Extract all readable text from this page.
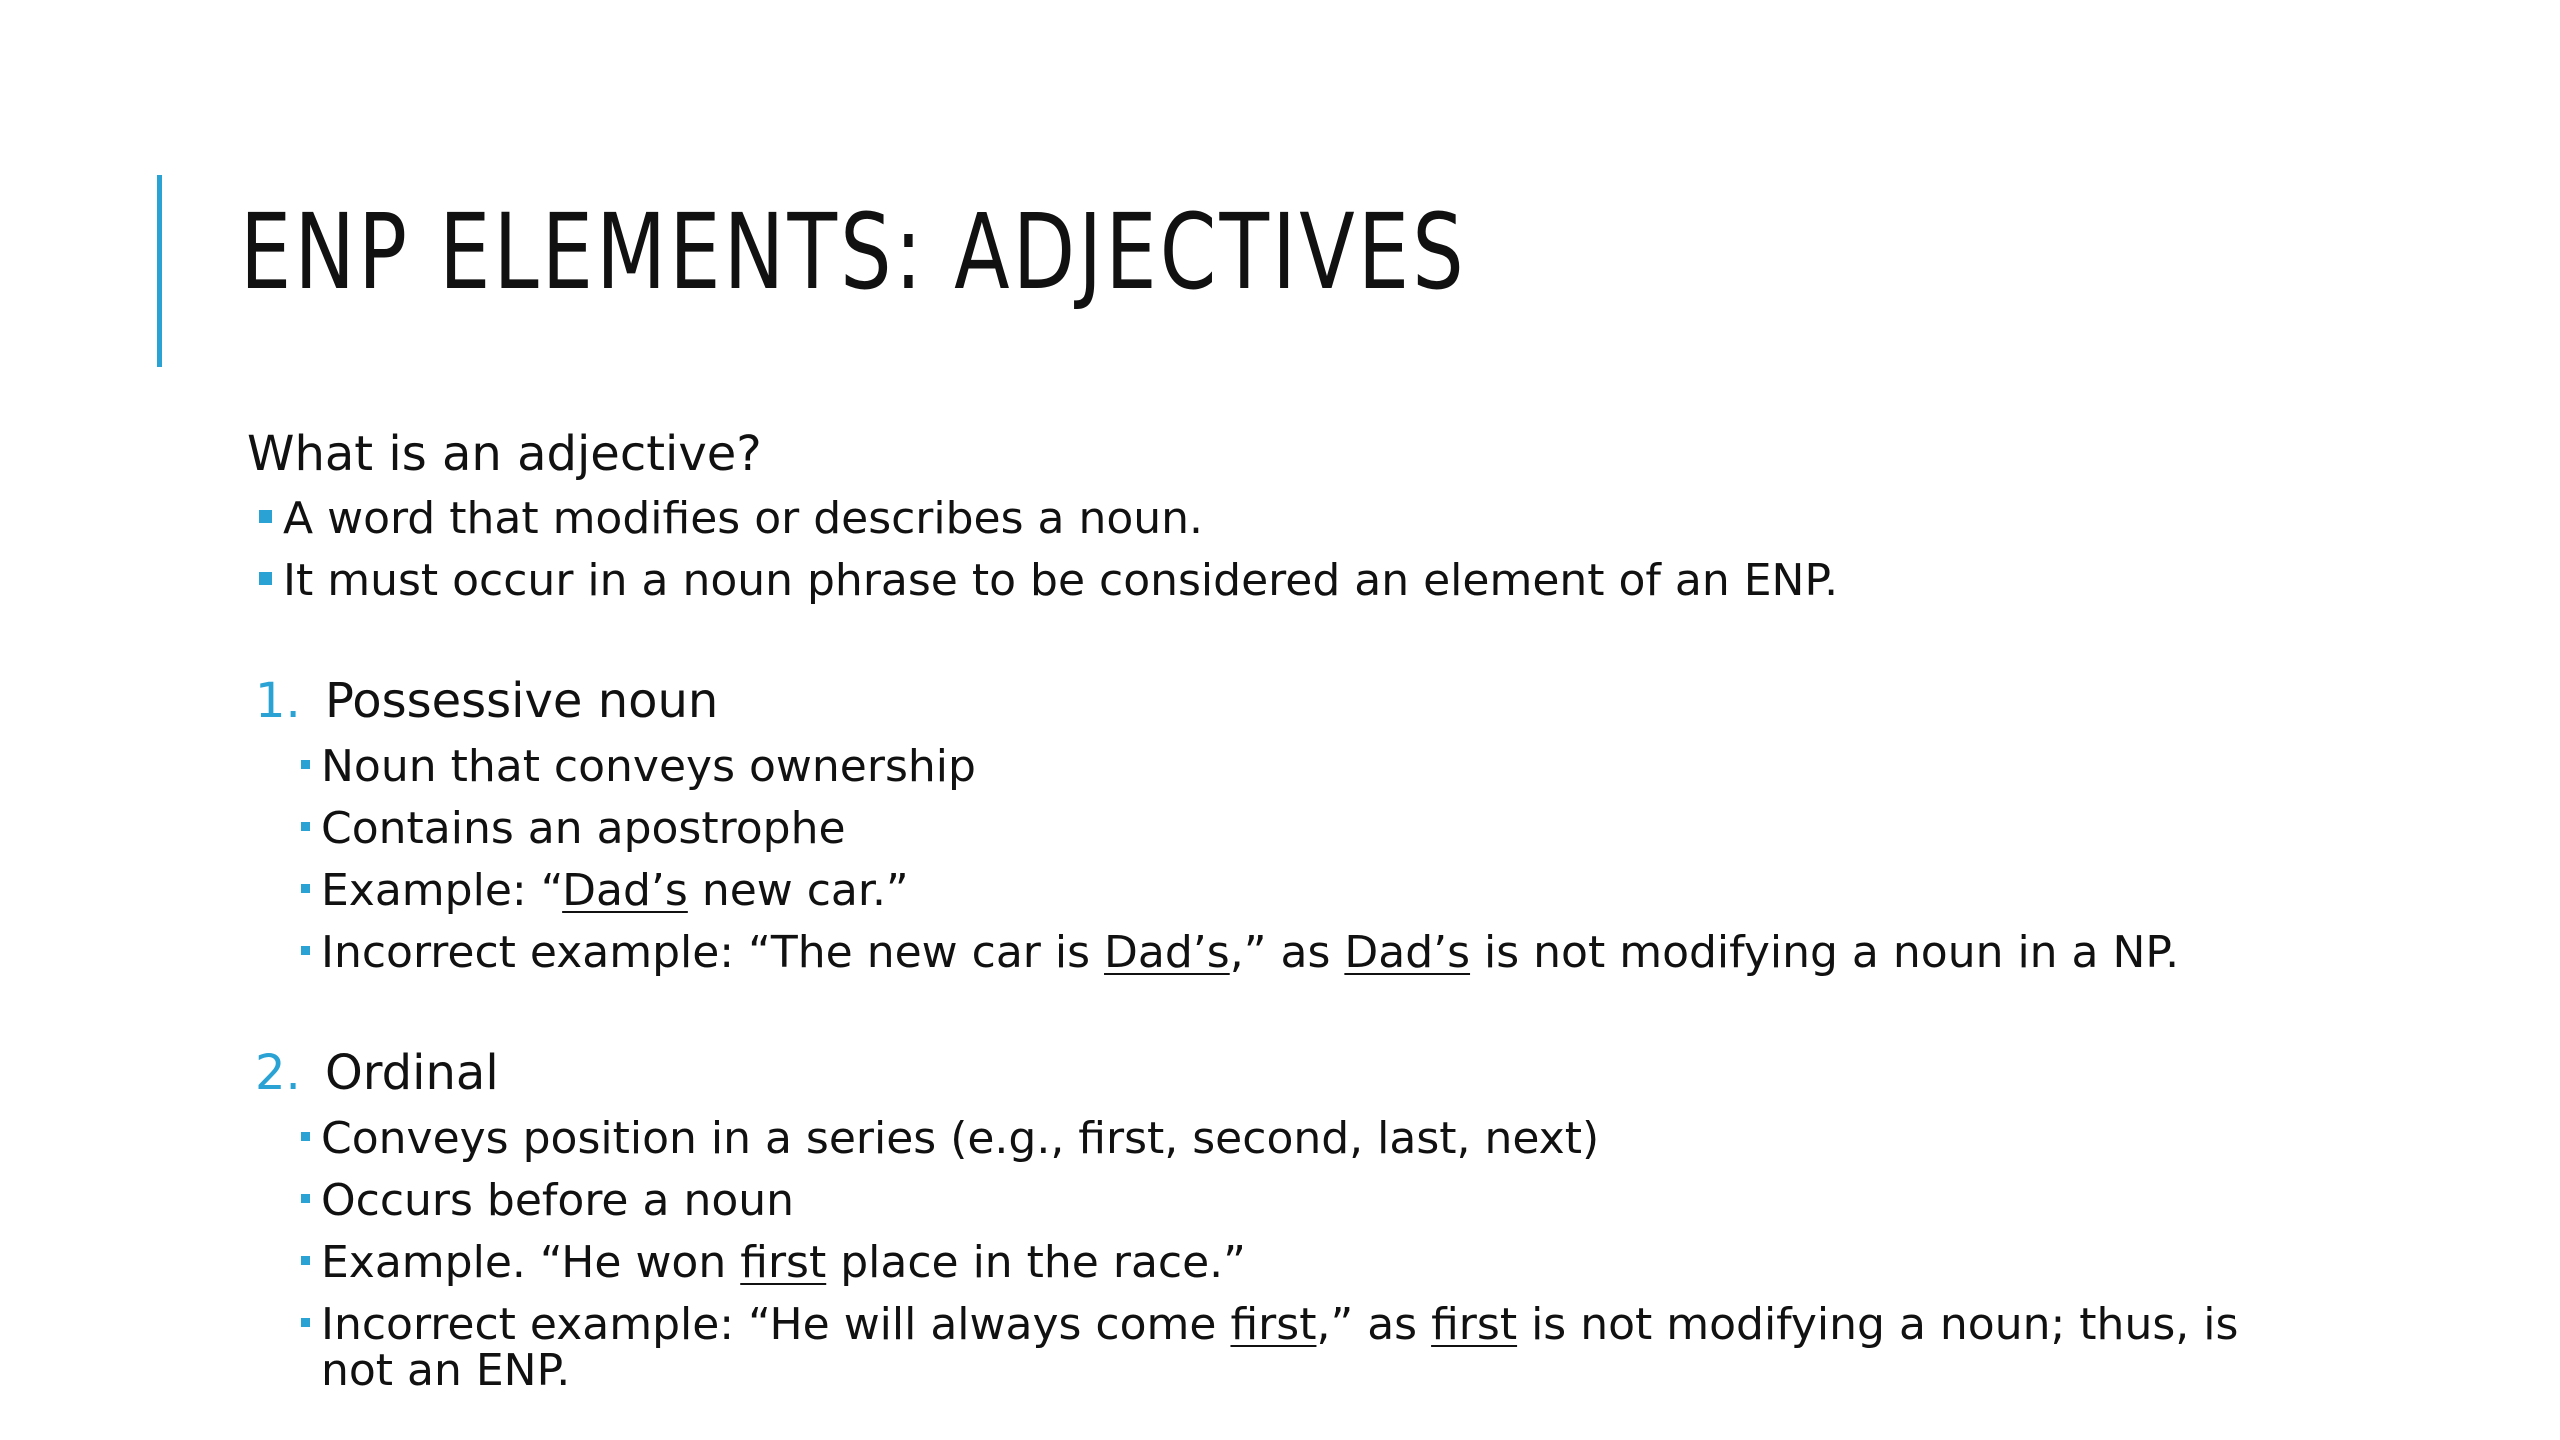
ENP ELEMENTS: ADJECTIVES

What is an adjective?

A word that modifies or describes a noun.
It must occur in a noun phrase to be considered an element of an ENP.
1. Possessive noun
Noun that conveys ownership
Contains an apostrophe
Example: “Dad’s new car.”
Incorrect example: “The new car is Dad’s,” as Dad’s is not modifying a noun in a NP.
2. Ordinal
Conveys position in a series (e.g., first, second, last, next)
Occurs before a noun
Example. “He won first place in the race.”
Incorrect example: “He will always come first,” as first is not modifying a noun; thus, is not an ENP.
